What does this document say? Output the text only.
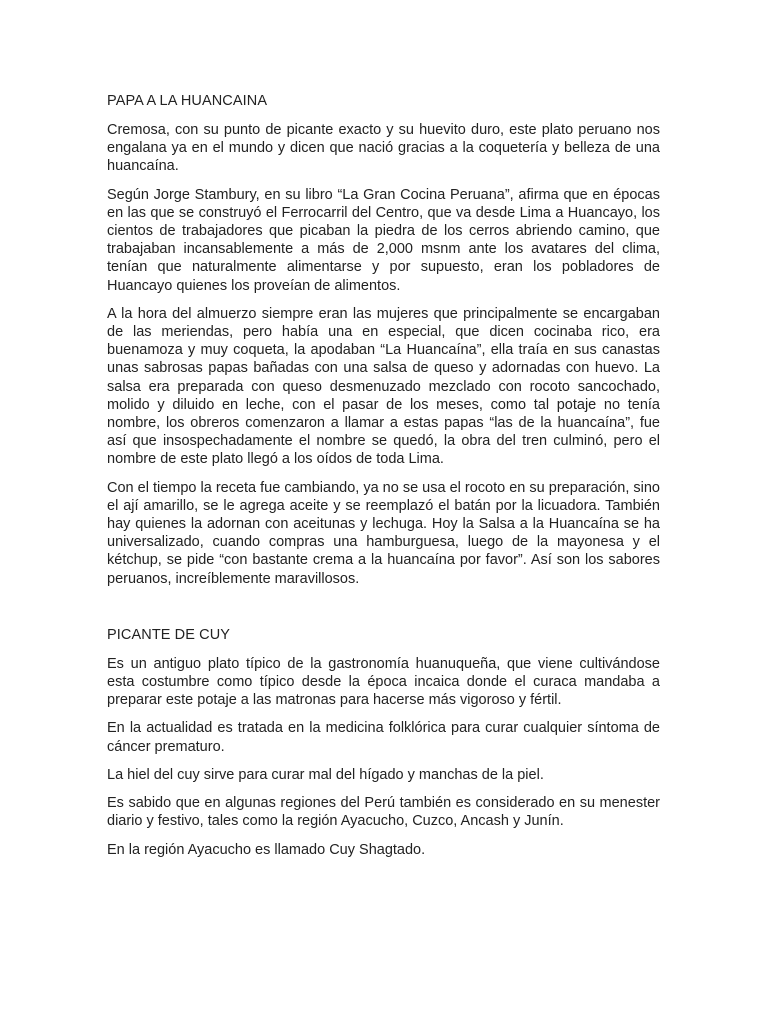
PAPA A LA HUANCAINA

Cremosa, con su punto de picante exacto y su huevito duro, este plato peruano nos engalana ya en el mundo y dicen que nació gracias a la coquetería y belleza de una huancaína.

Según Jorge Stambury, en su libro “La Gran Cocina Peruana”, afirma que en épocas en las que se construyó el Ferrocarril del Centro, que va desde Lima a Huancayo, los cientos de trabajadores que picaban la piedra de los cerros abriendo camino, que trabajaban incansablemente a más de 2,000 msnm ante los avatares del clima, tenían que naturalmente alimentarse y por supuesto, eran los pobladores de Huancayo quienes los proveían de alimentos.

A la hora del almuerzo siempre eran las mujeres que principalmente se encargaban de las meriendas, pero había una en especial, que dicen cocinaba rico, era buenamoza y muy coqueta, la apodaban “La Huancaína”, ella traía en sus canastas unas sabrosas papas bañadas con una salsa de queso y adornadas con huevo. La salsa era preparada con queso desmenuzado mezclado con rocoto sancochado, molido y diluido en leche, con el pasar de los meses, como tal potaje no tenía nombre, los obreros comenzaron a llamar a estas papas “las de la huancaína”, fue así que insospechadamente el nombre se quedó, la obra del tren culminó, pero el nombre de este plato llegó a los oídos de toda Lima.

Con el tiempo la receta fue cambiando, ya no se usa el rocoto en su preparación, sino el ají amarillo, se le agrega aceite y se reemplazó el batán por la licuadora. También hay quienes la adornan con aceitunas y lechuga. Hoy la Salsa a la Huancaína se ha universalizado, cuando compras una hamburguesa, luego de la mayonesa y el kétchup, se pide “con bastante crema a la huancaína por favor”. Así son los sabores peruanos, increíblemente maravillosos.

PICANTE DE CUY

Es un antiguo plato típico de la gastronomía huanuqueña, que viene cultivándose esta costumbre como típico desde la época incaica donde el curaca mandaba a preparar este potaje a las matronas para hacerse más vigoroso y fértil.

En la actualidad es tratada en la medicina folklórica para curar cualquier síntoma de cáncer prematuro.

La hiel del cuy sirve para curar mal del hígado y manchas de la piel.

Es sabido que en algunas regiones del Perú también es considerado en su menester diario y festivo, tales como la región Ayacucho, Cuzco, Ancash y Junín.

En la región Ayacucho es llamado Cuy Shagtado.
